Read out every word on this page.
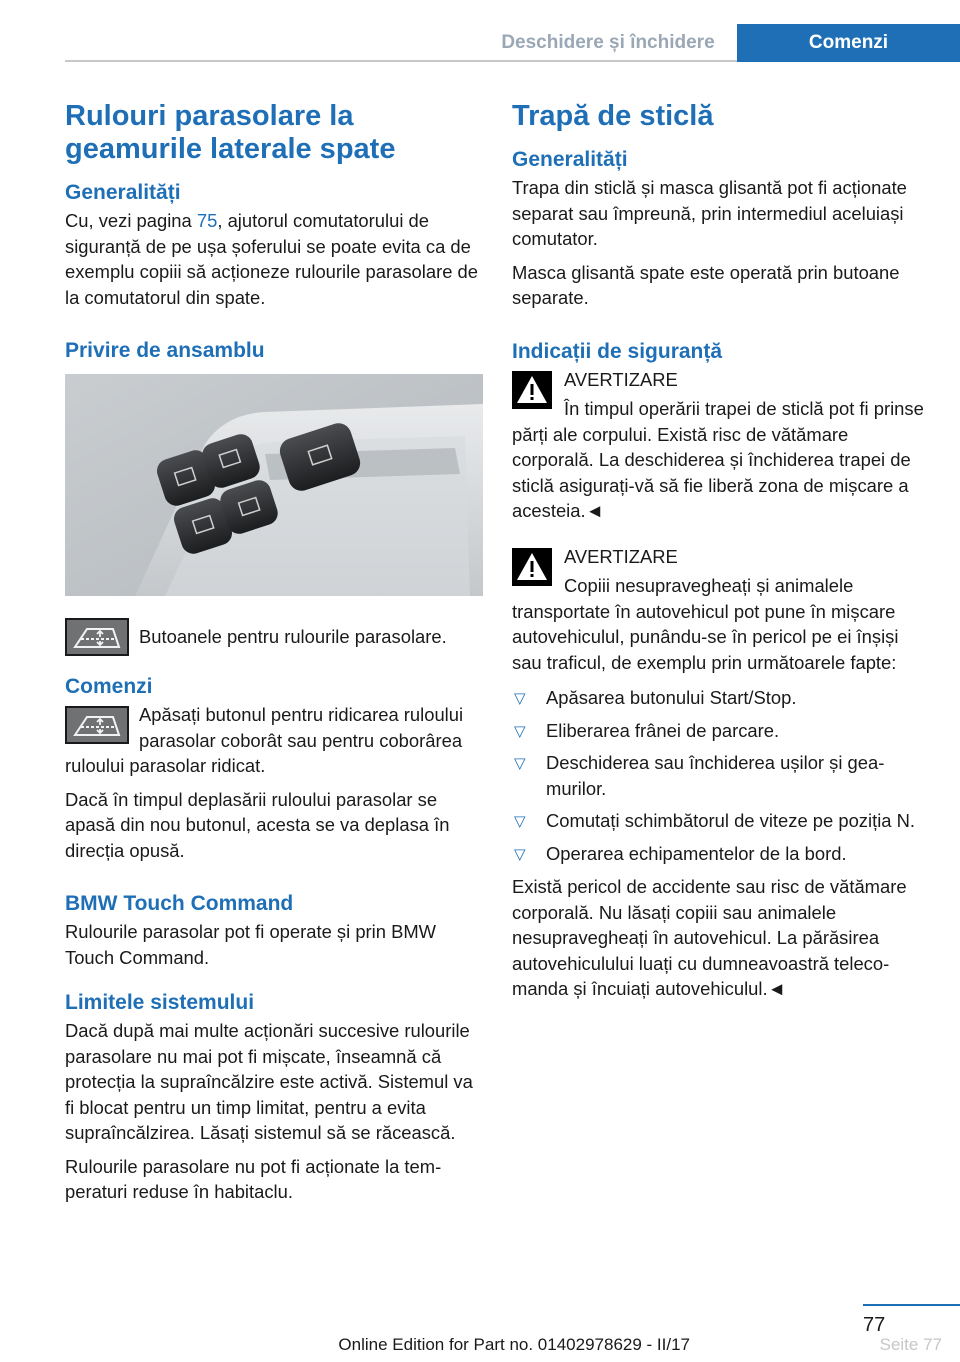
Deschidere și închidere	Comenzi
Rulouri parasolare la geamurile laterale spate
Generalități

Cu, vezi pagina 75, ajutorul comutatorului de siguranță de pe ușa șoferului se poate evita ca de exemplu copiii să acționeze rulourile parasolare de la comutatorul din spate.

Privire de ansamblu

Butoanele pentru rulourile parasolare.

Comenzi

Apăsați butonul pentru ridicarea ruloului parasolar coborât sau pentru coborârea ruloului parasolar ridicat.

Dacă în timpul deplasării ruloului parasolar se apasă din nou butonul, acesta se va deplasa în direcția opusă.

BMW Touch Command

Rulourile parasolar pot fi operate și prin BMW Touch Command.

Limitele sistemului

Dacă după mai multe acționări succesive rulourile parasolare nu mai pot fi mișcate, înseamnă că protecția la supraîncălzire este activă. Sistemul va fi blocat pentru un timp limitat, pentru a evita supraîncălzirea. Lăsați sistemul să se răcească.

Rulourile parasolare nu pot fi acționate la temperaturi reduse în habitaclu.

Trapă de sticlă
Generalități

Trapa din sticlă și masca glisantă pot fi acționate separat sau împreună, prin intermediul aceluiași comutator.

Masca glisantă spate este operată prin butoane separate.

Indicații de siguranță

AVERTIZARE

În timpul operării trapei de sticlă pot fi prinse părți ale corpului. Există risc de vătămare corporală. La deschiderea și închiderea trapei de sticlă asigurați-vă să fie liberă zona de mișcare a acesteia.◄

AVERTIZARE

Copiii nesupravegheați și animalele transportate în autovehicul pot pune în mișcare autovehiculul, punându-se în pericol pe ei înșiși sau traficul, de exemplu prin următoarele fapte:

▽ Apăsarea butonului Start/Stop.
▽ Eliberarea frânei de parcare.
▽ Deschiderea sau închiderea ușilor și geamurilor.
▽ Comutați schimbătorul de viteze pe poziția N.
▽ Operarea echipamentelor de la bord.

Există pericol de accidente sau risc de vătămare corporală. Nu lăsați copiii sau animalele nesupravegheați în autovehicul. La părăsirea autovehiculului luați cu dumneavoastră telecomanda și încuiați autovehiculul.◄

77
Online Edition for Part no. 01402978629 - II/17	Seite 77
